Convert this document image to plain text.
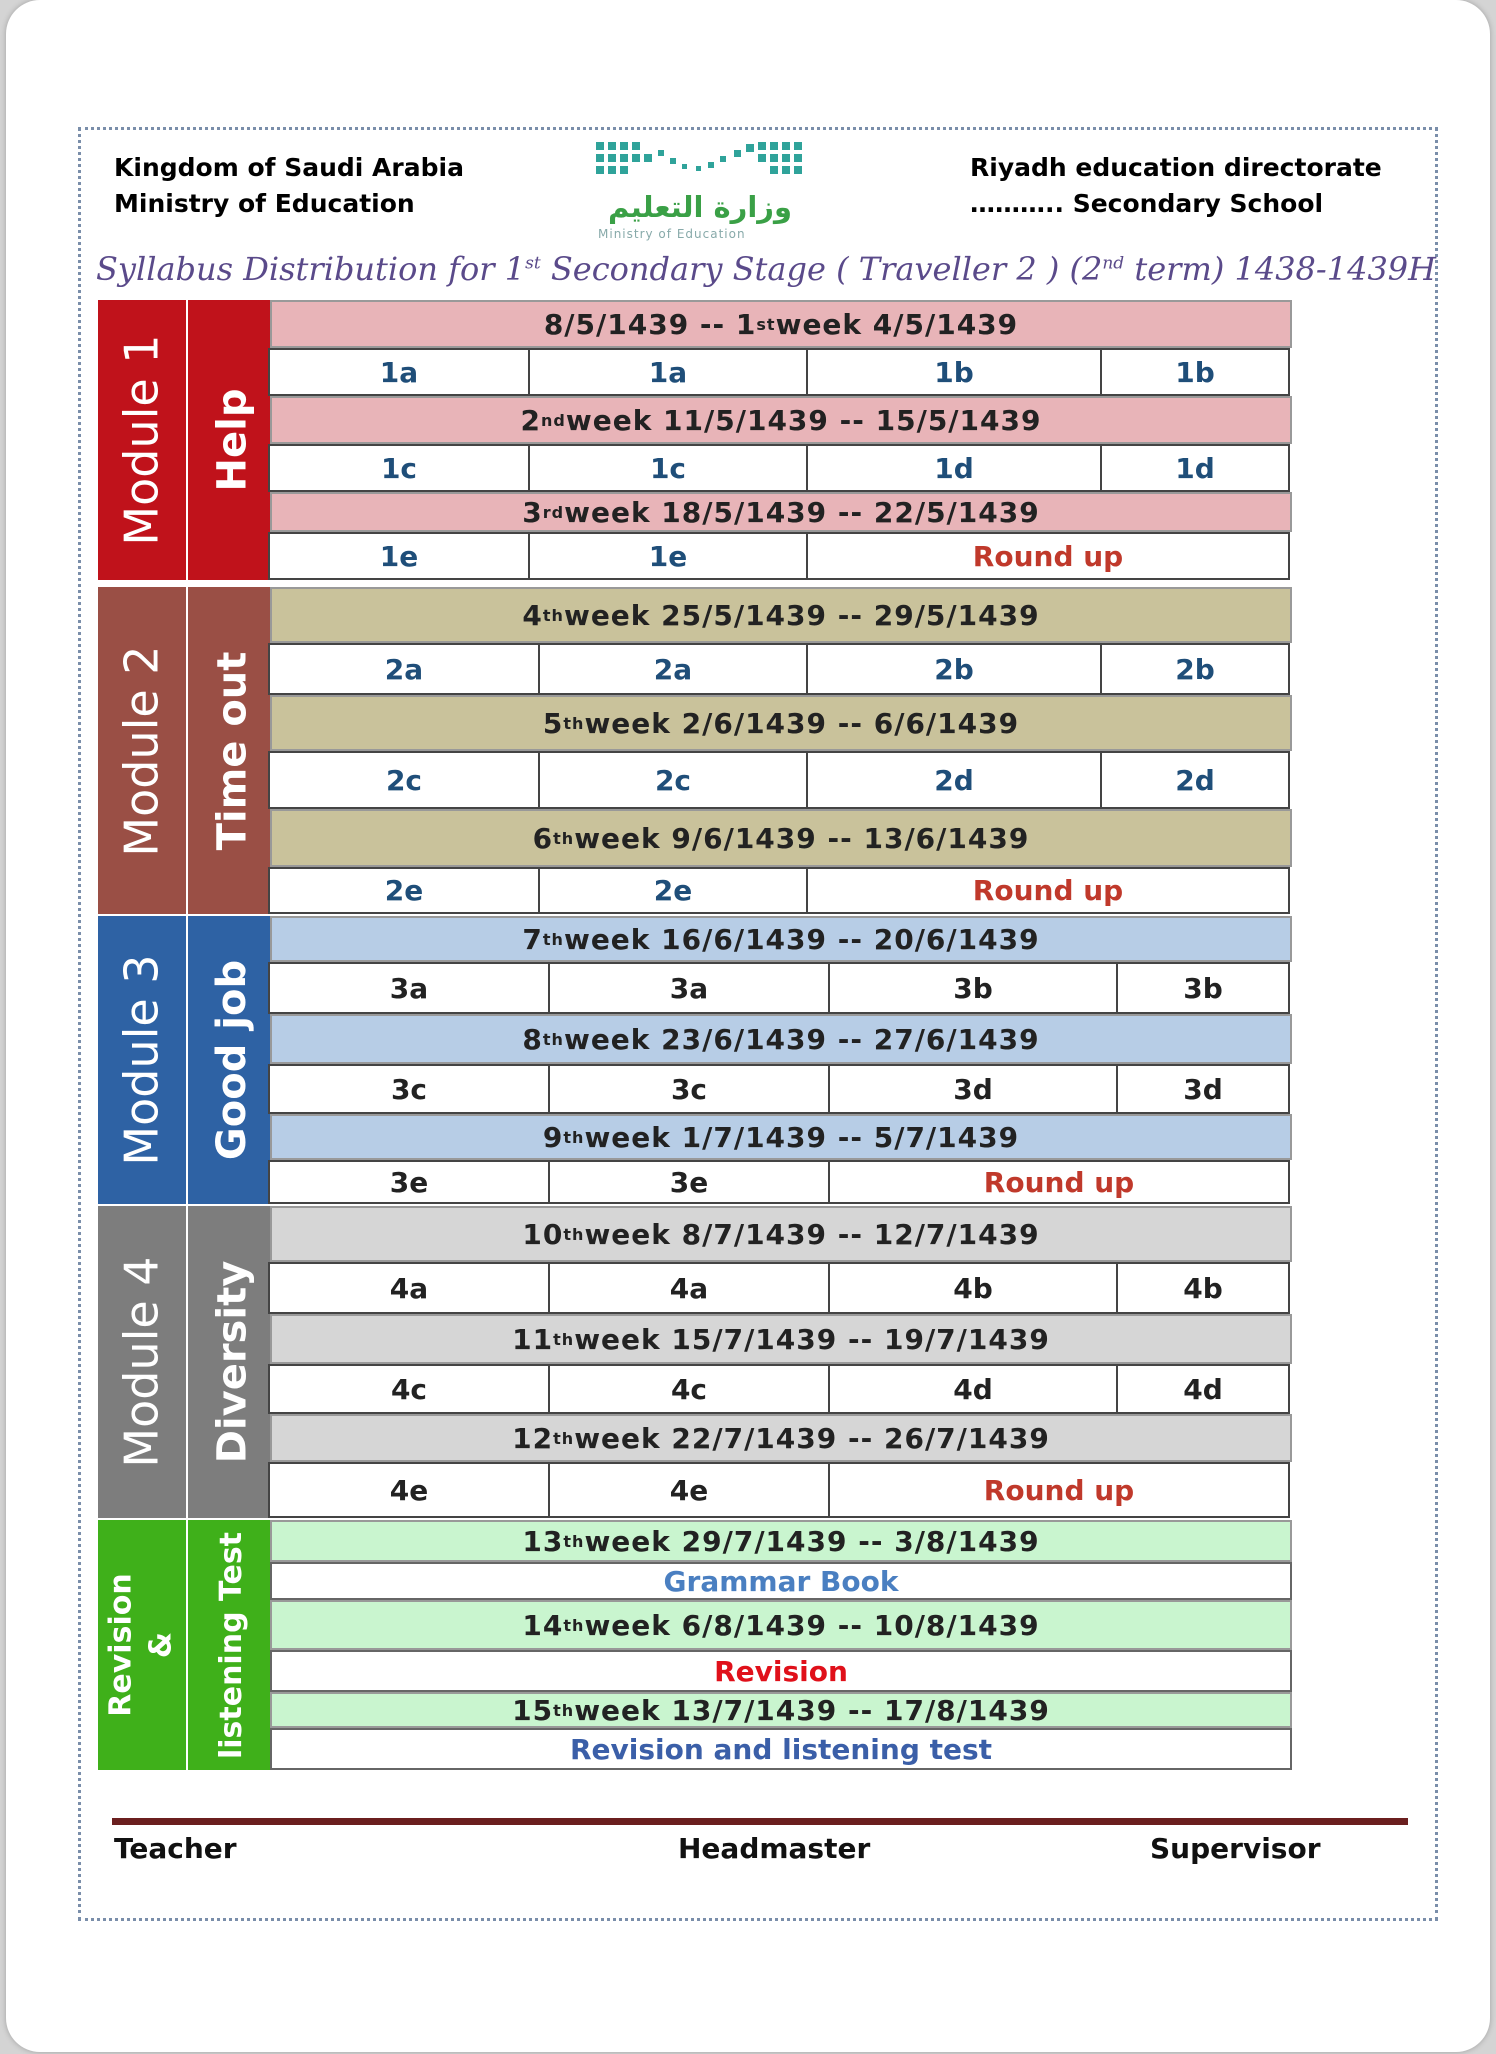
Kingdom of Saudi Arabia
Ministry of Education
Riyadh education directorate
……….. Secondary School
وزارة التعليم
Ministry of Education
Syllabus Distribution for 1st Secondary Stage ( Traveller 2 ) (2nd term) 1438-1439H
Module 1 Help
Module 2 Time out
Module 3 Good job
Module 4 Diversity
Revision
& listening Test
8/5/1439 -- 1 st week 4/5/1439
1a	1a	1b	1b
2 nd week 11/5/1439 -- 15/5/1439
1c	1c	1d	1d
3 rd week 18/5/1439 -- 22/5/1439
1e	1e	Round up
4 th week 25/5/1439 -- 29/5/1439
2a	2a	2b	2b
5 th week 2/6/1439 -- 6/6/1439
2c	2c	2d	2d
6 th week 9/6/1439 -- 13/6/1439
2e	2e	Round up
7 th week 16/6/1439 -- 20/6/1439
3a	3a	3b	3b
8 th week 23/6/1439 -- 27/6/1439
3c	3c	3d	3d
9 th week 1/7/1439 -- 5/7/1439
3e	3e	Round up
10 th week 8/7/1439 -- 12/7/1439
4a	4a	4b	4b
11 th week 15/7/1439 -- 19/7/1439
4c	4c	4d	4d
12 th week 22/7/1439 -- 26/7/1439
4e	4e	Round up
13 th week 29/7/1439 -- 3/8/1439
Grammar Book
14 th week 6/8/1439 -- 10/8/1439
Revision
15 th week 13/7/1439 -- 17/8/1439
Revision and listening test
Teacher	Headmaster	Supervisor
